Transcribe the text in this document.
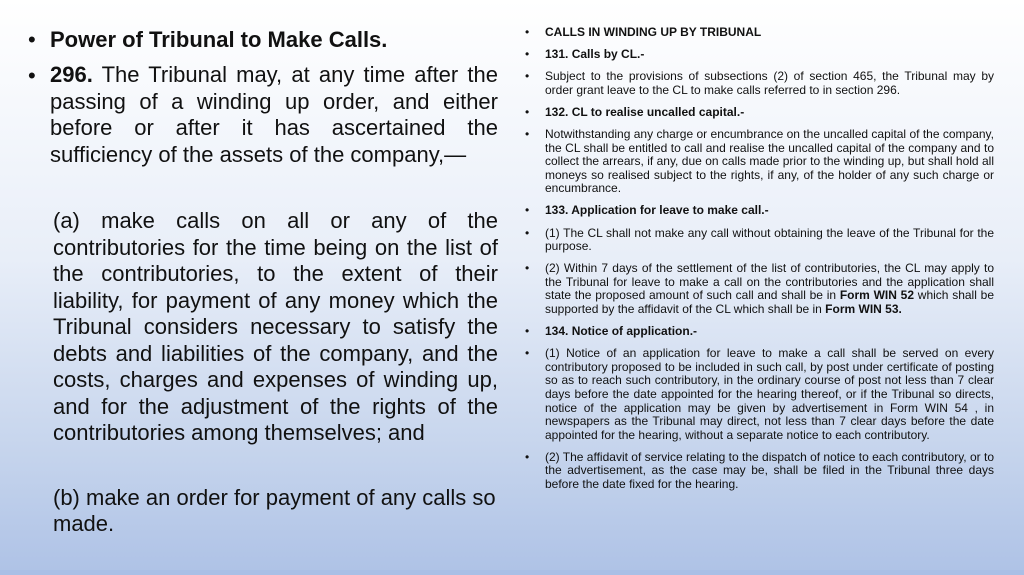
• Power of Tribunal to Make Calls.
• 296. The Tribunal may, at any time after the passing of a winding up order, and either before or after it has ascertained the sufficiency of the assets of the company,—
(a) make calls on all or any of the contributories for the time being on the list of the contributories, to the extent of their liability, for payment of any money which the Tribunal considers necessary to satisfy the debts and liabilities of the company, and the costs, charges and expenses of winding up, and for the adjustment of the rights of the contributories among themselves; and
(b) make an order for payment of any calls so made.
•	CALLS IN WINDING UP BY TRIBUNAL
•	131. Calls by CL.-
•	Subject to the provisions of subsections (2) of section 465, the Tribunal may by order grant leave to the CL to make calls referred to in section 296.
•	132. CL to realise uncalled capital.-
•	Notwithstanding any charge or encumbrance on the uncalled capital of the company, the CL shall be entitled to call and realise the uncalled capital of the company and to collect the arrears, if any, due on calls made prior to the winding up, but shall hold all moneys so realised subject to the rights, if any, of the holder of any such charge or encumbrance.
•	133. Application for leave to make call.-
•	(1) The CL shall not make any call without obtaining the leave of the Tribunal for the purpose.
•	(2) Within 7 days of the settlement of the list of contributories, the CL may apply to the Tribunal for leave to make a call on the contributories and the application shall state the proposed amount of such call and shall be in Form WIN 52 which shall be supported by the affidavit of the CL which shall be in Form WIN 53.
•	134. Notice of application.-
•	(1) Notice of an application for leave to make a call shall be served on every contributory proposed to be included in such call, by post under certificate of posting so as to reach such contributory, in the ordinary course of post not less than 7 clear days before the date appointed for the hearing thereof, or if the Tribunal so directs, notice of the application may be given by advertisement in Form WIN 54 , in newspapers as the Tribunal may direct, not less than 7 clear days before the date appointed for the hearing, without a separate notice to each contributory.
•	(2) The affidavit of service relating to the dispatch of notice to each contributory, or to the advertisement, as the case may be, shall be filed in the Tribunal three days before the date fixed for the hearing.
